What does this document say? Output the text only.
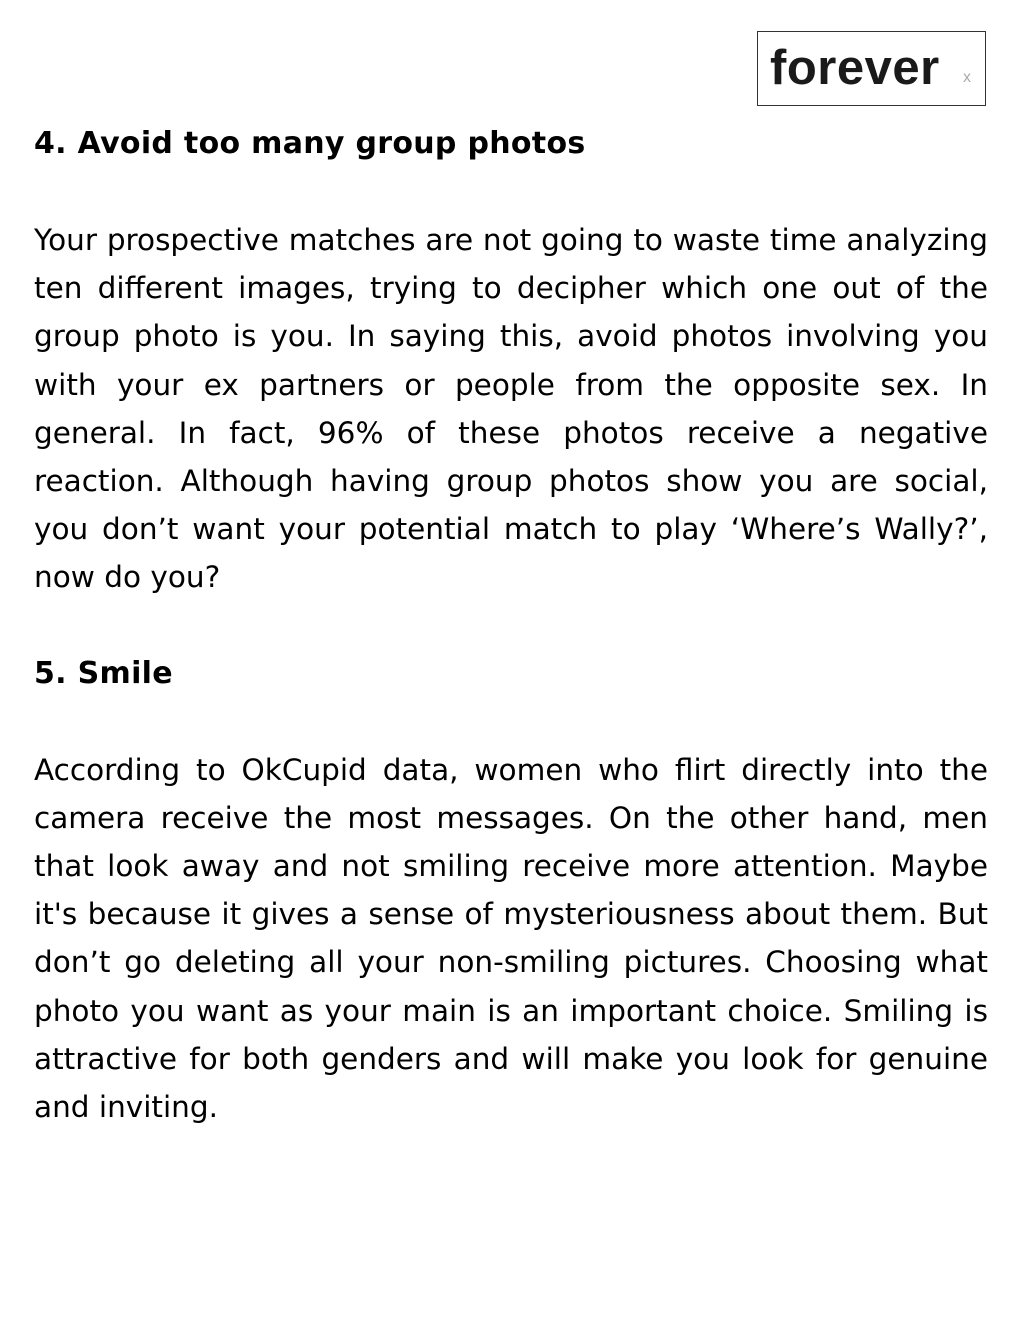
forever x
4. Avoid too many group photos

Your prospective matches are not going to waste time analyzing ten different images, trying to decipher which one out of the group photo is you. In saying this, avoid photos involving you with your ex partners or people from the opposite sex. In general. In fact, 96% of these photos receive a negative reaction. Although having group photos show you are social, you don’t want your potential match to play ‘Where’s Wally?’, now do you?

5. Smile

According to OkCupid data, women who flirt directly into the camera receive the most messages. On the other hand, men that look away and not smiling receive more attention. Maybe it's because it gives a sense of mysteriousness about them. But don’t go deleting all your non-smiling pictures. Choosing what photo you want as your main is an important choice. Smiling is attractive for both genders and will make you look for genuine and inviting.
